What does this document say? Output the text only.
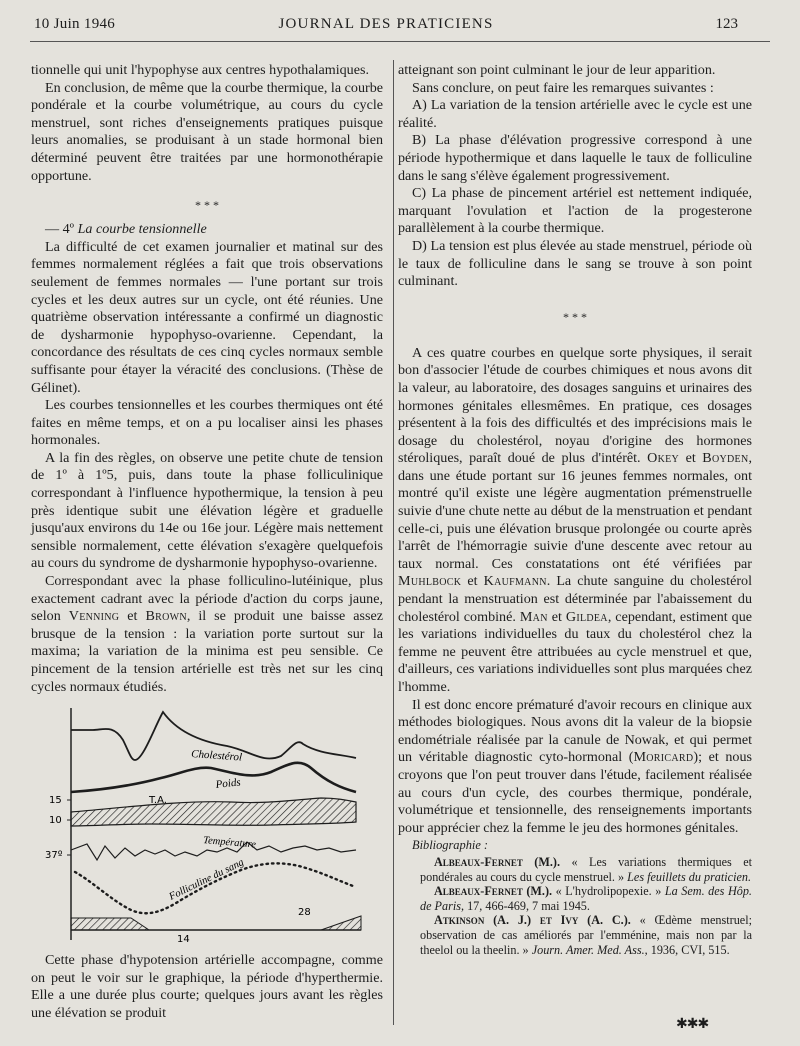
10 Juin 1946	JOURNAL DES PRATICIENS	123

tionnelle qui unit l'hypophyse aux centres hypothalamiques.

En conclusion, de même que la courbe thermique, la courbe pondérale et la courbe volumétrique, au cours du cycle menstruel, sont riches d'enseignements pratiques puisque leurs anomalies, se produisant à un stade hormonal bien déterminé peuvent être traitées par une hormonothérapie opportune.

* * *

— 4º La courbe tensionnelle

La difficulté de cet examen journalier et matinal sur des femmes normalement réglées a fait que trois observations seulement de femmes normales — l'une portant sur trois cycles et les deux autres sur un cycle, ont été réunies. Une quatrième observation intéressante a confirmé un diagnostic de dysharmonie hypophyso-ovarienne. Cependant, la concordance des résultats de ces cinq cycles normaux semble suffisante pour étayer la véracité des conclusions. (Thèse de Gélinet).

Les courbes tensionnelles et les courbes thermiques ont été faites en même temps, et on a pu localiser ainsi les phases hormonales.

A la fin des règles, on observe une petite chute de tension de 1º à 1º5, puis, dans toute la phase folliculinique correspondant à l'influence hypothermique, la tension à peu près identique subit une élévation légère et graduelle jusqu'aux environs du 14e ou 16e jour. Légère mais nettement sensible normalement, cette élévation s'exagère quelquefois au cours du syndrome de dysharmonie hypophyso-ovarienne.

Correspondant avec la phase folliculino-lutéinique, plus exactement cadrant avec la période d'action du corps jaune, selon Venning et Brown, il se produit une baisse assez brusque de la tension : la variation porte surtout sur la maxima; la variation de la minima est peu sensible. Ce pincement de la tension artérielle est très net sur les cinq cycles normaux étudiés.

15
10
37º
Cholestérol
Poids
T.A.
Température
Folliculine du sang
14
28

Cette phase d'hypotension artérielle accompagne, comme on peut le voir sur le graphique, la période d'hyperthermie. Elle a une durée plus courte; quelques jours avant les règles une élévation se produit

atteignant son point culminant le jour de leur apparition.

Sans conclure, on peut faire les remarques suivantes :

A) La variation de la tension artérielle avec le cycle est une réalité.

B) La phase d'élévation progressive correspond à une période hypothermique et dans laquelle le taux de folliculine dans le sang s'élève également progressivement.

C) La phase de pincement artériel est nettement indiquée, marquant l'ovulation et l'action de la progesterone parallèlement à la courbe thermique.

D) La tension est plus élevée au stade menstruel, période où le taux de folliculine dans le sang se trouve à son point culminant.

* * *

A ces quatre courbes en quelque sorte physiques, il serait bon d'associer l'étude de courbes chimiques et nous avons dit la valeur, au laboratoire, des dosages sanguins et urinaires des hormones génitales ellesmêmes. En pratique, ces dosages présentent à la fois des difficultés et des imprécisions mais le dosage du cholestérol, noyau d'origine des hormones stéroliques, paraît doué de plus d'intérêt. Okey et Boyden, dans une étude portant sur 16 jeunes femmes normales, ont montré qu'il existe une légère augmentation prémenstruelle suivie d'une chute nette au début de la menstruation et pendant celle-ci, puis une élévation brusque prolongée ou courte après l'arrêt de l'hémorragie suivie d'une descente avec retour au taux normal. Ces constatations ont été vérifiées par Muhlbock et Kaufmann. La chute sanguine du cholestérol pendant la menstruation est déterminée par l'abaissement du cholestérol combiné. Man et Gildea, cependant, estiment que les variations individuelles du taux du cholestérol chez la femme ne peuvent être attribuées au cycle menstruel et que, d'ailleurs, ces variations individuelles sont plus marquées chez l'homme.

Il est donc encore prématuré d'avoir recours en clinique aux méthodes biologiques. Nous avons dit la valeur de la biopsie endométriale réalisée par la canule de Nowak, et qui permet un véritable diagnostic cyto-hormonal (Moricard); et nous croyons que l'on peut trouver dans l'étude, facilement réalisée au cours d'un cycle, des courbes thermique, pondérale, volumétrique et tensionnelle, des renseignements importants pour apprécier chez la femme le jeu des hormones génitales.

Bibliographie :

Albeaux-Fernet (M.). « Les variations thermiques et pondérales au cours du cycle menstruel. » Les feuillets du praticien.

Albeaux-Fernet (M.). « L'hydrolipopexie. » La Sem. des Hôp. de Paris, 17, 466-469, 7 mai 1945.

Atkinson (A. J.) et Ivy (A. C.). « Œdème menstruel; observation de cas améliorés par l'emménine, mais non par la theelol ou la theelin. » Journ. Amer. Med. Ass., 1936, CVI, 515.

✱✱✱
